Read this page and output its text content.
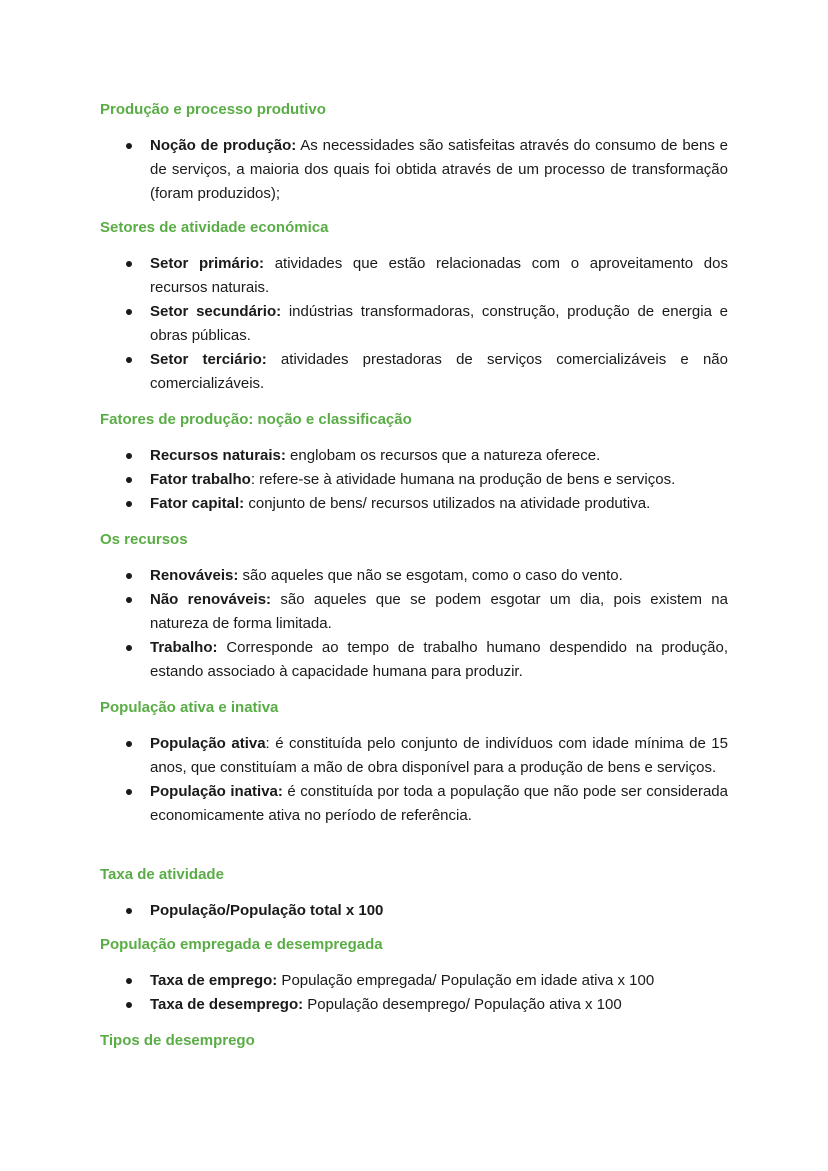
Produção e processo produtivo
Noção de produção: As necessidades são satisfeitas através do consumo de bens e de serviços, a maioria dos quais foi obtida através de um processo de transformação (foram produzidos);
Setores de atividade económica
Setor primário: atividades que estão relacionadas com o aproveitamento dos recursos naturais.
Setor secundário: indústrias transformadoras, construção, produção de energia e obras públicas.
Setor terciário: atividades prestadoras de serviços comercializáveis e não comercializáveis.
Fatores de produção: noção e classificação
Recursos naturais: englobam os recursos que a natureza oferece.
Fator trabalho: refere-se à atividade humana na produção de bens e serviços.
Fator capital: conjunto de bens/ recursos utilizados na atividade produtiva.
Os recursos
Renováveis: são aqueles que não se esgotam, como o caso do vento.
Não renováveis: são aqueles que se podem esgotar um dia, pois existem na natureza de forma limitada.
Trabalho: Corresponde ao tempo de trabalho humano despendido na produção, estando associado à capacidade humana para produzir.
População ativa e inativa
População ativa: é constituída pelo conjunto de indivíduos com idade mínima de 15 anos, que constituíam a mão de obra disponível para a produção de bens e serviços.
População inativa: é constituída por toda a população que não pode ser considerada economicamente ativa no período de referência.
Taxa de atividade
População/População total x 100
População empregada e desempregada
Taxa de emprego: População empregada/ População em idade ativa x 100
Taxa de desemprego: População desemprego/ População ativa x 100
Tipos de desemprego
